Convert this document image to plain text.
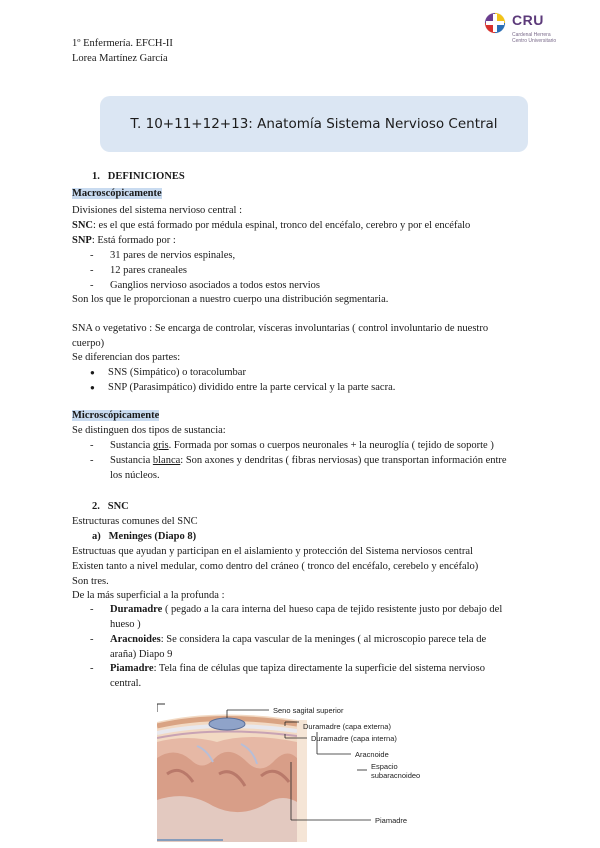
CRU
Cardenal Herrera
Centro Universitario
1º Enfermería. EFCH-II
Lorea Martínez García
T. 10+11+12+13: Anatomía Sistema Nervioso Central
1.   DEFINICIONES
Macroscópicamente
Divisiones del sistema nervioso central :
SNC: es el que está formado por médula espinal, tronco del encéfalo, cerebro y por el encéfalo
SNP: Está formado por :
- 31 pares de nervios espinales,
- 12 pares craneales
- Ganglios nervioso asociados a todos estos nervios
Son los que le proporcionan a nuestro cuerpo una distribución segmentaria.
SNA o vegetativo : Se encarga de controlar, vísceras involuntarias ( control involuntario de nuestro
cuerpo)
Se diferencian dos partes:
● SNS (Simpático) o toracolumbar
● SNP (Parasimpático) dividido entre la parte cervical y la parte sacra.
Microscópicamente
Se distinguen dos tipos de sustancia:
- Sustancia gris. Formada por somas o cuerpos neuronales + la neuroglía ( tejido de soporte )
- Sustancia blanca: Son axones y dendritas ( fibras nerviosas) que transportan información entre
los núcleos.
2.   SNC
Estructuras comunes del SNC
a)   Meninges (Diapo 8)
Estructuas que ayudan y participan en el aislamiento y protección del Sistema nerviosos central
Existen tanto a nivel medular, como dentro del cráneo ( tronco del encéfalo, cerebelo y encéfalo)
Son tres.
De la más superficial a la profunda :
- Duramadre ( pegado a la cara interna del hueso capa de tejido resistente justo por debajo del
hueso )
- Aracnoides: Se considera la capa vascular de la meninges ( al microscopio parece tela de
araña) Diapo 9
- Piamadre: Tela fina de células que tapiza directamente la superficie del sistema nervioso
central.
Seno sagital superior
Duramadre (capa externa)
Duramadre (capa interna)
Aracnoide
Espacio
subaracnoideo
Piamadre
